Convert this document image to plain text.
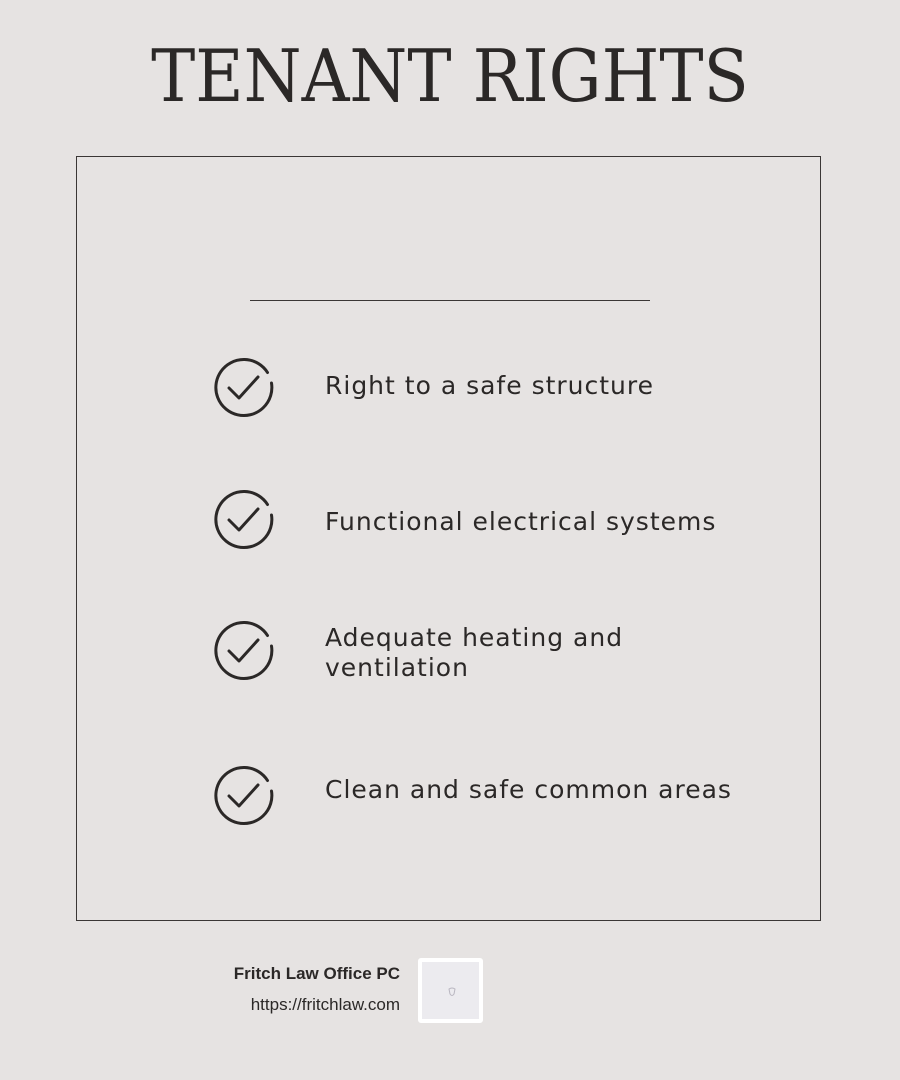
TENANT RIGHTS
Right to a safe structure
Functional electrical systems
Adequate heating and ventilation
Clean and safe common areas
Fritch Law Office PC
https://fritchlaw.com
